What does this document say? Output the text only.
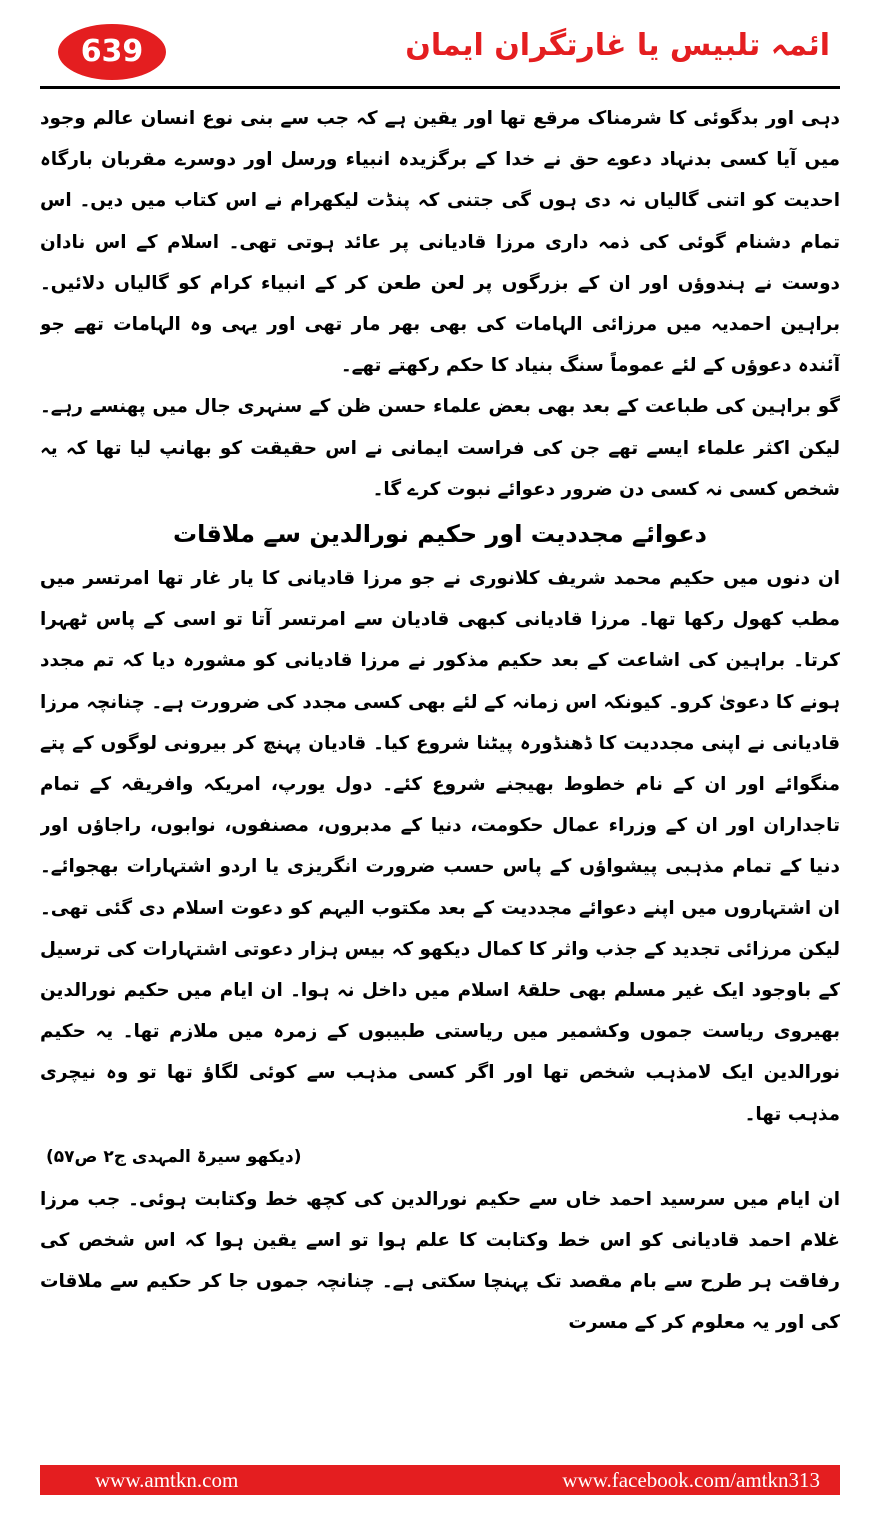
639	ائمہ تلبیس یا غارتگران ایمان

دہی اور بدگوئی کا شرمناک مرقع تھا اور یقین ہے کہ جب سے بنی نوع انسان عالم وجود میں آیا کسی بدنہاد دعوے حق نے خدا کے برگزیدہ انبیاء ورسل اور دوسرے مقربان بارگاہ احدیت کو اتنی گالیاں نہ دی ہوں گی جتنی کہ پنڈت لیکھرام نے اس کتاب میں دیں۔ اس تمام دشنام گوئی کی ذمہ داری مرزا قادیانی پر عائد ہوتی تھی۔ اسلام کے اس نادان دوست نے ہندوؤں اور ان کے بزرگوں پر لعن طعن کر کے انبیاء کرام کو گالیاں دلائیں۔ براہین احمدیہ میں مرزائی الہامات کی بھی بھر مار تھی اور یہی وہ الہامات تھے جو آئندہ دعوؤں کے لئے عموماً سنگ بنیاد کا حکم رکھتے تھے۔

گو براہین کی طباعت کے بعد بھی بعض علماء حسن ظن کے سنہری جال میں پھنسے رہے۔ لیکن اکثر علماء ایسے تھے جن کی فراست ایمانی نے اس حقیقت کو بھانپ لیا تھا کہ یہ شخص کسی نہ کسی دن ضرور دعوائے نبوت کرے گا۔

دعوائے مجددیت اور حکیم نورالدین سے ملاقات

ان دنوں میں حکیم محمد شریف کلانوری نے جو مرزا قادیانی کا یار غار تھا امرتسر میں مطب کھول رکھا تھا۔ مرزا قادیانی کبھی قادیان سے امرتسر آتا تو اسی کے پاس ٹھہرا کرتا۔ براہین کی اشاعت کے بعد حکیم مذکور نے مرزا قادیانی کو مشورہ دیا کہ تم مجدد ہونے کا دعویٰ کرو۔ کیونکہ اس زمانہ کے لئے بھی کسی مجدد کی ضرورت ہے۔ چنانچہ مرزا قادیانی نے اپنی مجددیت کا ڈھنڈورہ پیٹنا شروع کیا۔ قادیان پہنچ کر بیرونی لوگوں کے پتے منگوائے اور ان کے نام خطوط بھیجنے شروع کئے۔ دول یورپ، امریکہ وافریقہ کے تمام تاجداران اور ان کے وزراء عمال حکومت، دنیا کے مدبروں، مصنفوں، نوابوں، راجاؤں اور دنیا کے تمام مذہبی پیشواؤں کے پاس حسب ضرورت انگریزی یا اردو اشتہارات بھجوائے۔ ان اشتہاروں میں اپنے دعوائے مجددیت کے بعد مکتوب الیہم کو دعوت اسلام دی گئی تھی۔ لیکن مرزائی تجدید کے جذب واثر کا کمال دیکھو کہ بیس ہزار دعوتی اشتہارات کی ترسیل کے باوجود ایک غیر مسلم بھی حلقۂ اسلام میں داخل نہ ہوا۔ ان ایام میں حکیم نورالدین بھیروی ریاست جموں وکشمیر میں ریاستی طبیبوں کے زمرہ میں ملازم تھا۔ یہ حکیم نورالدین ایک لامذہب شخص تھا اور اگر کسی مذہب سے کوئی لگاؤ تھا تو وہ نیچری مذہب تھا۔

(دیکھو سیرۃ المہدی ج۲ ص۵۷)

ان ایام میں سرسید احمد خاں سے حکیم نورالدین کی کچھ خط وکتابت ہوئی۔ جب مرزا غلام احمد قادیانی کو اس خط وکتابت کا علم ہوا تو اسے یقین ہوا کہ اس شخص کی رفاقت ہر طرح سے بام مقصد تک پہنچا سکتی ہے۔ چنانچہ جموں جا کر حکیم سے ملاقات کی اور یہ معلوم کر کے مسرت

www.amtkn.com	www.facebook.com/amtkn313
